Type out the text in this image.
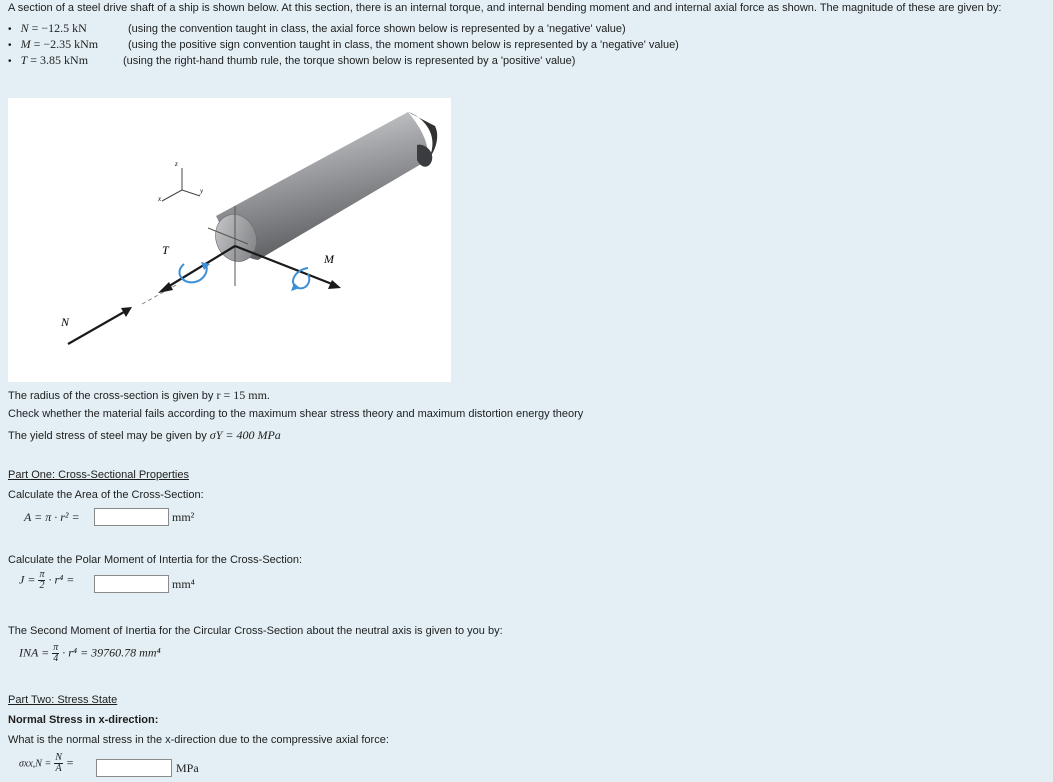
A section of a steel drive shaft of a ship is shown below. At this section, there is an internal torque, and internal bending moment and and internal axial force as shown. The magnitude of these are given by:
• N = −12.5 kN	(using the convention taught in class, the axial force shown below is represented by a 'negative' value)
• M = −2.35 kNm	(using the positive sign convention taught in class, the moment shown below is represented by a 'negative' value)
• T = 3.85 kNm	(using the right-hand thumb rule, the torque shown below is represented by a 'positive' value)
z
y
x
T
M
N
The radius of the cross-section is given by r = 15 mm.
Check whether the material fails according to the maximum shear stress theory and maximum distortion energy theory
The yield stress of steel may be given by σY = 400 MPa
Part One: Cross-Sectional Properties
Calculate the Area of the Cross-Section:
A = π · r² =	mm²
Calculate the Polar Moment of Intertia for the Cross-Section:
$J = \frac{\pi}{2} \cdot r^4$ =	mm⁴
The Second Moment of Inertia for the Circular Cross-Section about the neutral axis is given to you by:
INA = $\frac{\pi}{4} \cdot r^4 = 39760.78$ mm⁴
Part Two: Stress State
Normal Stress in x-direction:
What is the normal stress in the x-direction due to the compressive axial force:
$\sigma xx,N = \frac{N}{A}$ =	MPa
